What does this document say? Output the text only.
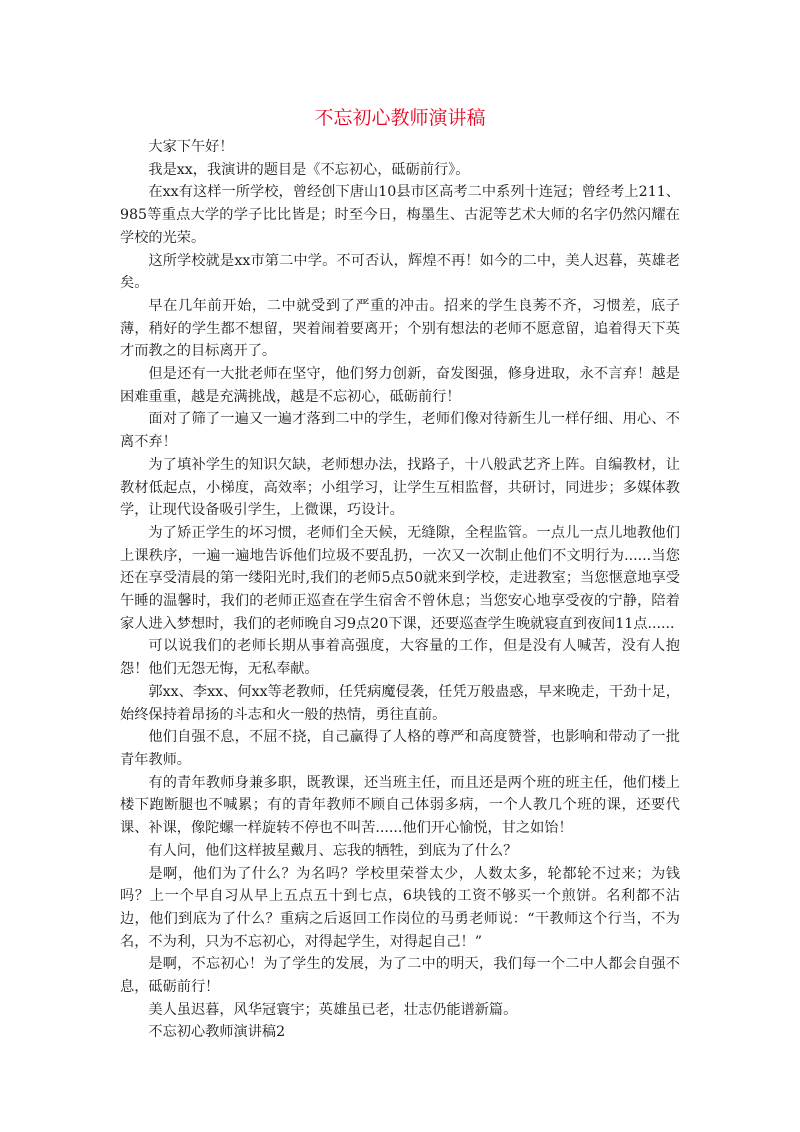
不忘初心教师演讲稿

大家下午好！

我是xx，我演讲的题目是《不忘初心，砥砺前行》。

在xx有这样一所学校，曾经创下唐山10县市区高考二中系列十连冠；曾经考上211、985等重点大学的学子比比皆是；时至今日，梅墨生、古泥等艺术大师的名字仍然闪耀在学校的光荣。

这所学校就是xx市第二中学。不可否认，辉煌不再！如今的二中，美人迟暮，英雄老矣。

早在几年前开始，二中就受到了严重的冲击。招来的学生良莠不齐，习惯差，底子薄，稍好的学生都不想留，哭着闹着要离开；个别有想法的老师不愿意留，追着得天下英才而教之的目标离开了。

但是还有一大批老师在坚守，他们努力创新，奋发图强，修身进取，永不言弃！越是困难重重，越是充满挑战，越是不忘初心，砥砺前行！

面对了筛了一遍又一遍才落到二中的学生，老师们像对待新生儿一样仔细、用心、不离不弃！

为了填补学生的知识欠缺，老师想办法，找路子，十八般武艺齐上阵。自编教材，让教材低起点，小梯度，高效率；小组学习，让学生互相监督，共研讨，同进步；多媒体教学，让现代设备吸引学生，上微课，巧设计。

为了矫正学生的坏习惯，老师们全天候，无缝隙，全程监管。一点儿一点儿地教他们上课秩序，一遍一遍地告诉他们垃圾不要乱扔，一次又一次制止他们不文明行为......当您还在享受清晨的第一缕阳光时,我们的老师5点50就来到学校，走进教室；当您惬意地享受午睡的温馨时，我们的老师正巡查在学生宿舍不曾休息；当您安心地享受夜的宁静，陪着家人进入梦想时，我们的老师晚自习9点20下课，还要巡查学生晚就寝直到夜间11点......

可以说我们的老师长期从事着高强度，大容量的工作，但是没有人喊苦，没有人抱怨！他们无怨无悔，无私奉献。

郭xx、李xx、何xx等老教师，任凭病魔侵袭，任凭万般蛊惑，早来晚走，干劲十足，始终保持着昂扬的斗志和火一般的热情，勇往直前。

他们自强不息，不屈不挠，自己赢得了人格的尊严和高度赞誉，也影响和带动了一批青年教师。

有的青年教师身兼多职，既教课，还当班主任，而且还是两个班的班主任，他们楼上楼下跑断腿也不喊累；有的青年教师不顾自己体弱多病，一个人教几个班的课，还要代课、补课，像陀螺一样旋转不停也不叫苦......他们开心愉悦，甘之如饴！

有人问，他们这样披星戴月、忘我的牺牲，到底为了什么？

是啊，他们为了什么？为名吗？学校里荣誉太少，人数太多，轮都轮不过来；为钱吗？上一个早自习从早上五点五十到七点，6块钱的工资不够买一个煎饼。名利都不沾边，他们到底为了什么？重病之后返回工作岗位的马勇老师说：“干教师这个行当，不为名，不为利，只为不忘初心，对得起学生，对得起自己！”

是啊，不忘初心！为了学生的发展，为了二中的明天，我们每一个二中人都会自强不息，砥砺前行！

美人虽迟暮，风华冠寰宇；英雄虽已老，壮志仍能谱新篇。

不忘初心教师演讲稿2
